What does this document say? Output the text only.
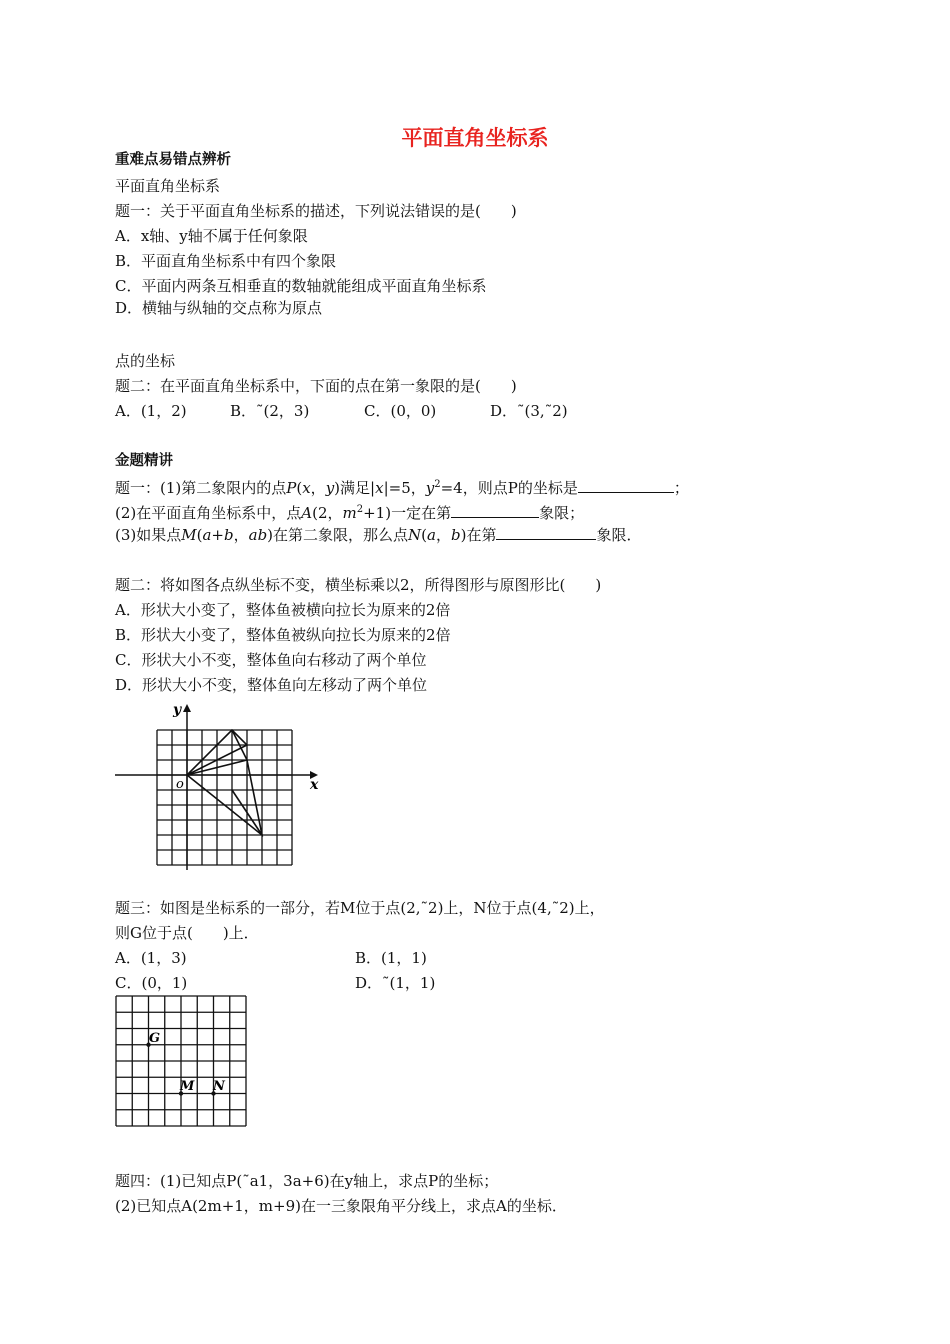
平面直角坐标系
重难点易错点辨析
平面直角坐标系
题一：关于平面直角坐标系的描述，下列说法错误的是(　　)
A．x轴、y轴不属于任何象限
B．平面直角坐标系中有四个象限
C．平面内两条互相垂直的数轴就能组成平面直角坐标系
D．横轴与纵轴的交点称为原点
点的坐标
题二：在平面直角坐标系中，下面的点在第一象限的是(　　)
A．(1，2)	B．˜(2，3)	C．(0，0)	D．˜(3,˜2)
金题精讲
题一：(1)第二象限内的点P(x，y)满足|x|=5，$y^2=4$，则点P的坐标是	；
(2)在平面直角坐标系中，点A(2，$m^2+1$)一定在第	象限；
(3)如果点M(a+b，ab)在第二象限，那么点N(a，b)在第	象限．
题二：将如图各点纵坐标不变，横坐标乘以2，所得图形与原图形比(　　)
A．形状大小变了，整体鱼被横向拉长为原来的2倍
B．形状大小变了，整体鱼被纵向拉长为原来的2倍
C．形状大小不变，整体鱼向右移动了两个单位
D．形状大小不变，整体鱼向左移动了两个单位
y
x
o
题三：如图是坐标系的一部分，若M位于点(2,˜2)上，N位于点(4,˜2)上，
则G位于点(　　)上．
A．(1，3)	B．(1，1)
C．(0，1)	D．˜(1，1)
G
M N
题四：(1)已知点P(˜a1，3a+6)在y轴上，求点P的坐标；
(2)已知点A(2m+1，m+9)在一三象限角平分线上，求点A的坐标．
